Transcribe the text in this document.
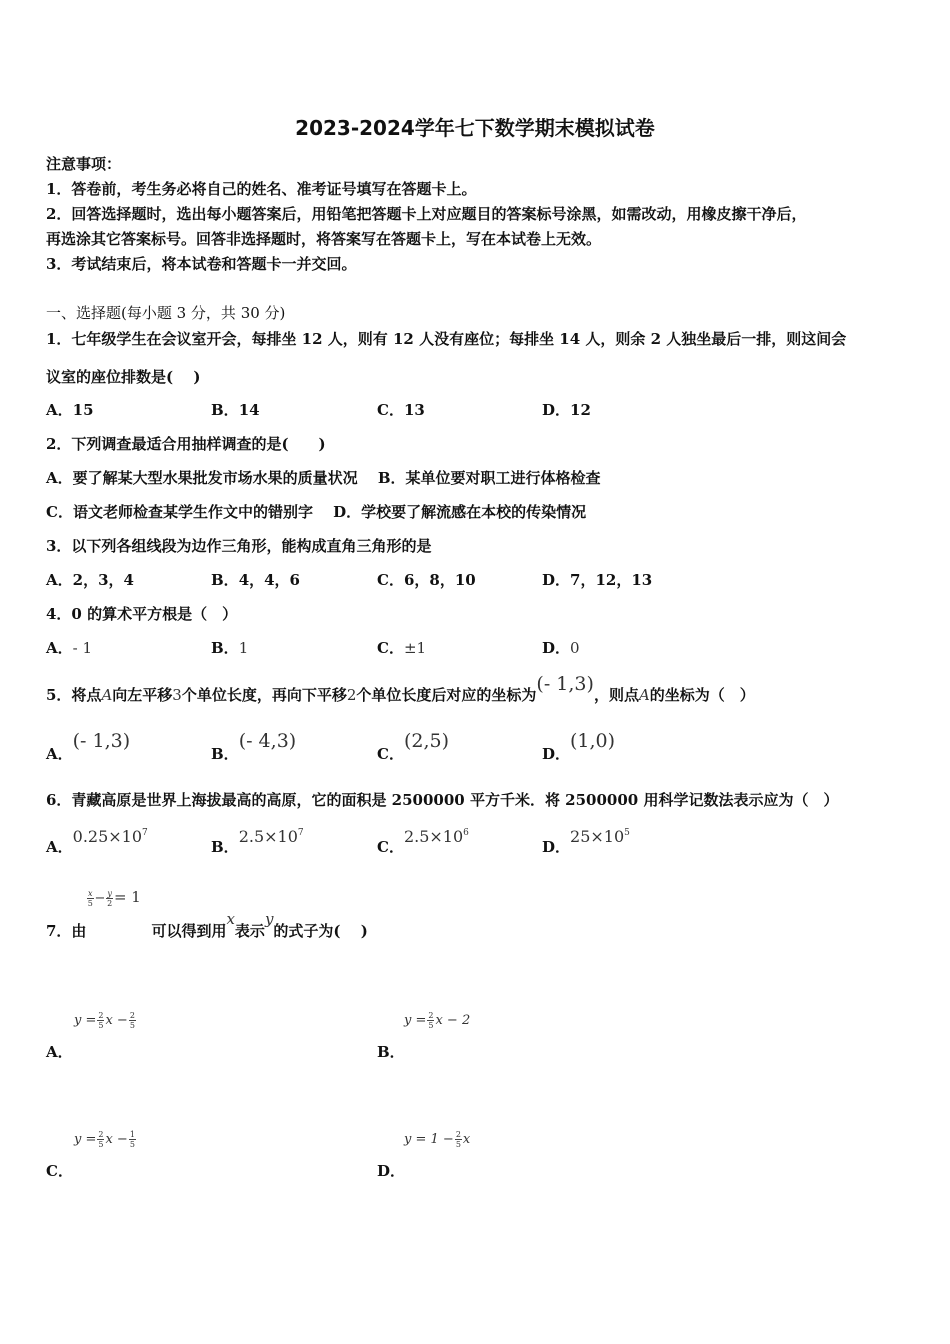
2023-2024学年七下数学期末模拟试卷
注意事项：
1．答卷前，考生务必将自己的姓名、准考证号填写在答题卡上。
2．回答选择题时，选出每小题答案后，用铅笔把答题卡上对应题目的答案标号涂黑，如需改动，用橡皮擦干净后，
再选涂其它答案标号。回答非选择题时，将答案写在答题卡上，写在本试卷上无效。
3．考试结束后，将本试卷和答题卡一并交回。
一、选择题(每小题 3 分，共 30 分)
1．七年级学生在会议室开会，每排坐 12 人，则有 12 人没有座位；每排坐 14 人，则余 2 人独坐最后一排，则这间会
议室的座位排数是(　 )
A．15	B．14	C．13	D．12
2．下列调查最适合用抽样调查的是(　　)
A．要了解某大型水果批发市场水果的质量状况　 B．某单位要对职工进行体格检查
C．语文老师检查某学生作文中的错别字　 D．学校要了解流感在本校的传染情况
3．以下列各组线段为边作三角形，能构成直角三角形的是
A．2，3，4	B．4，4，6	C．6，8，10	D．7，12，13
4．0 的算术平方根是（　）
A．- 1	B．1	C．±1	D．0
5．将点A向左平移3个单位长度，再向下平移2个单位长度后对应的坐标为(- 1,3)，则点A的坐标为（　）
A．(- 1,3)
B．(- 4,3)
C．(2,5)
D．(1,0)
6．青藏高原是世界上海拔最高的高原，它的面积是 2500000 平方千米．将 2500000 用科学记数法表示应为（　）
A．$0.25\times 10^7$
B．$2.5\times 10^7$
C．$2.5\times 10^6$
D．$25\times 10^5$
$\frac{x}{5} - \frac{y}{2} = 1$
7．由	可以得到用x表示y的式子为(　 )
$y = \frac{2}{5}$ $x - \frac{2}{5}$
A．
$y = \frac{2}{5}$ x − 2
B．
$y = \frac{2}{5}$ $x - \frac{1}{5}$
C．
$y = 1 - \frac{2}{5}$ x
D．
